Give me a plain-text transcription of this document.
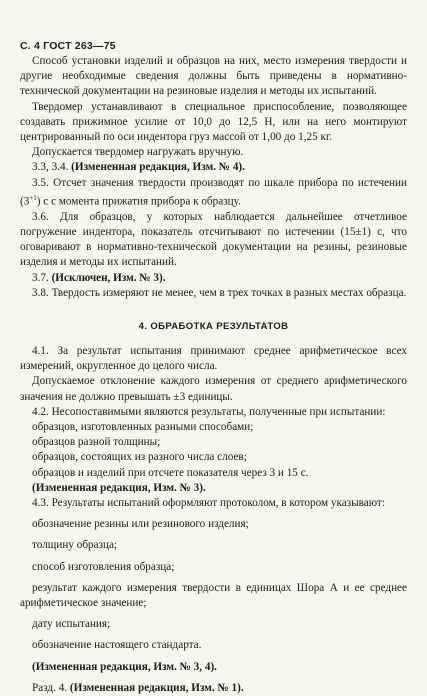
С. 4 ГОСТ 263—75

Способ установки изделий и образцов на них, место измерения твердости и другие необходимые сведения должны быть приведены в нормативно-технической документации на резиновые изделия и методы их испытаний.

Твердомер устанавливают в специальное приспособление, позволяющее создавать прижимное усилие от 10,0 до 12,5 Н, или на него монтируют центрированный по оси индентора груз массой от 1,00 до 1,25 кг.

Допускается твердомер нагружать вручную.

3.3, 3.4. (Измененная редакция, Изм. № 4).

3.5. Отсчет значения твердости производят по шкале прибора по истечении $(3^{+1})$ с с момента прижатия прибора к образцу.

3.6. Для образцов, у которых наблюдается дальнейшее отчетливое погружение индентора, показатель отсчитывают по истечении (15±1) с, что оговаривают в нормативно-технической документации на резины, резиновые изделия и методы их испытаний.

3.7. (Исключен, Изм. № 3).

3.8. Твердость измеряют не менее, чем в трех точках в разных местах образца.

4. ОБРАБОТКА РЕЗУЛЬТАТОВ

4.1. За результат испытания принимают среднее арифметическое всех измерений, округленное до целого числа.

Допускаемое отклонение каждого измерения от среднего арифметического значения не должно превышать ±3 единицы.

4.2. Несопоставимыми являются результаты, полученные при испытании:

образцов, изготовленных разными способами;

образцов разной толщины;

образцов, состоящих из разного числа слоев;

образцов и изделий при отсчете показателя через 3 и 15 с.

(Измененная редакция, Изм. № 3).

4.3. Результаты испытаний оформляют протоколом, в котором указывают:

обозначение резины или резинового изделия;

толщину образца;

способ изготовления образца;

результат каждого измерения твердости в единицах Шора А и ее среднее арифметическое значение;

дату испытания;

обозначение настоящего стандарта.

(Измененная редакция, Изм. № 3, 4).

Разд. 4. (Измененная редакция, Изм. № 1).
